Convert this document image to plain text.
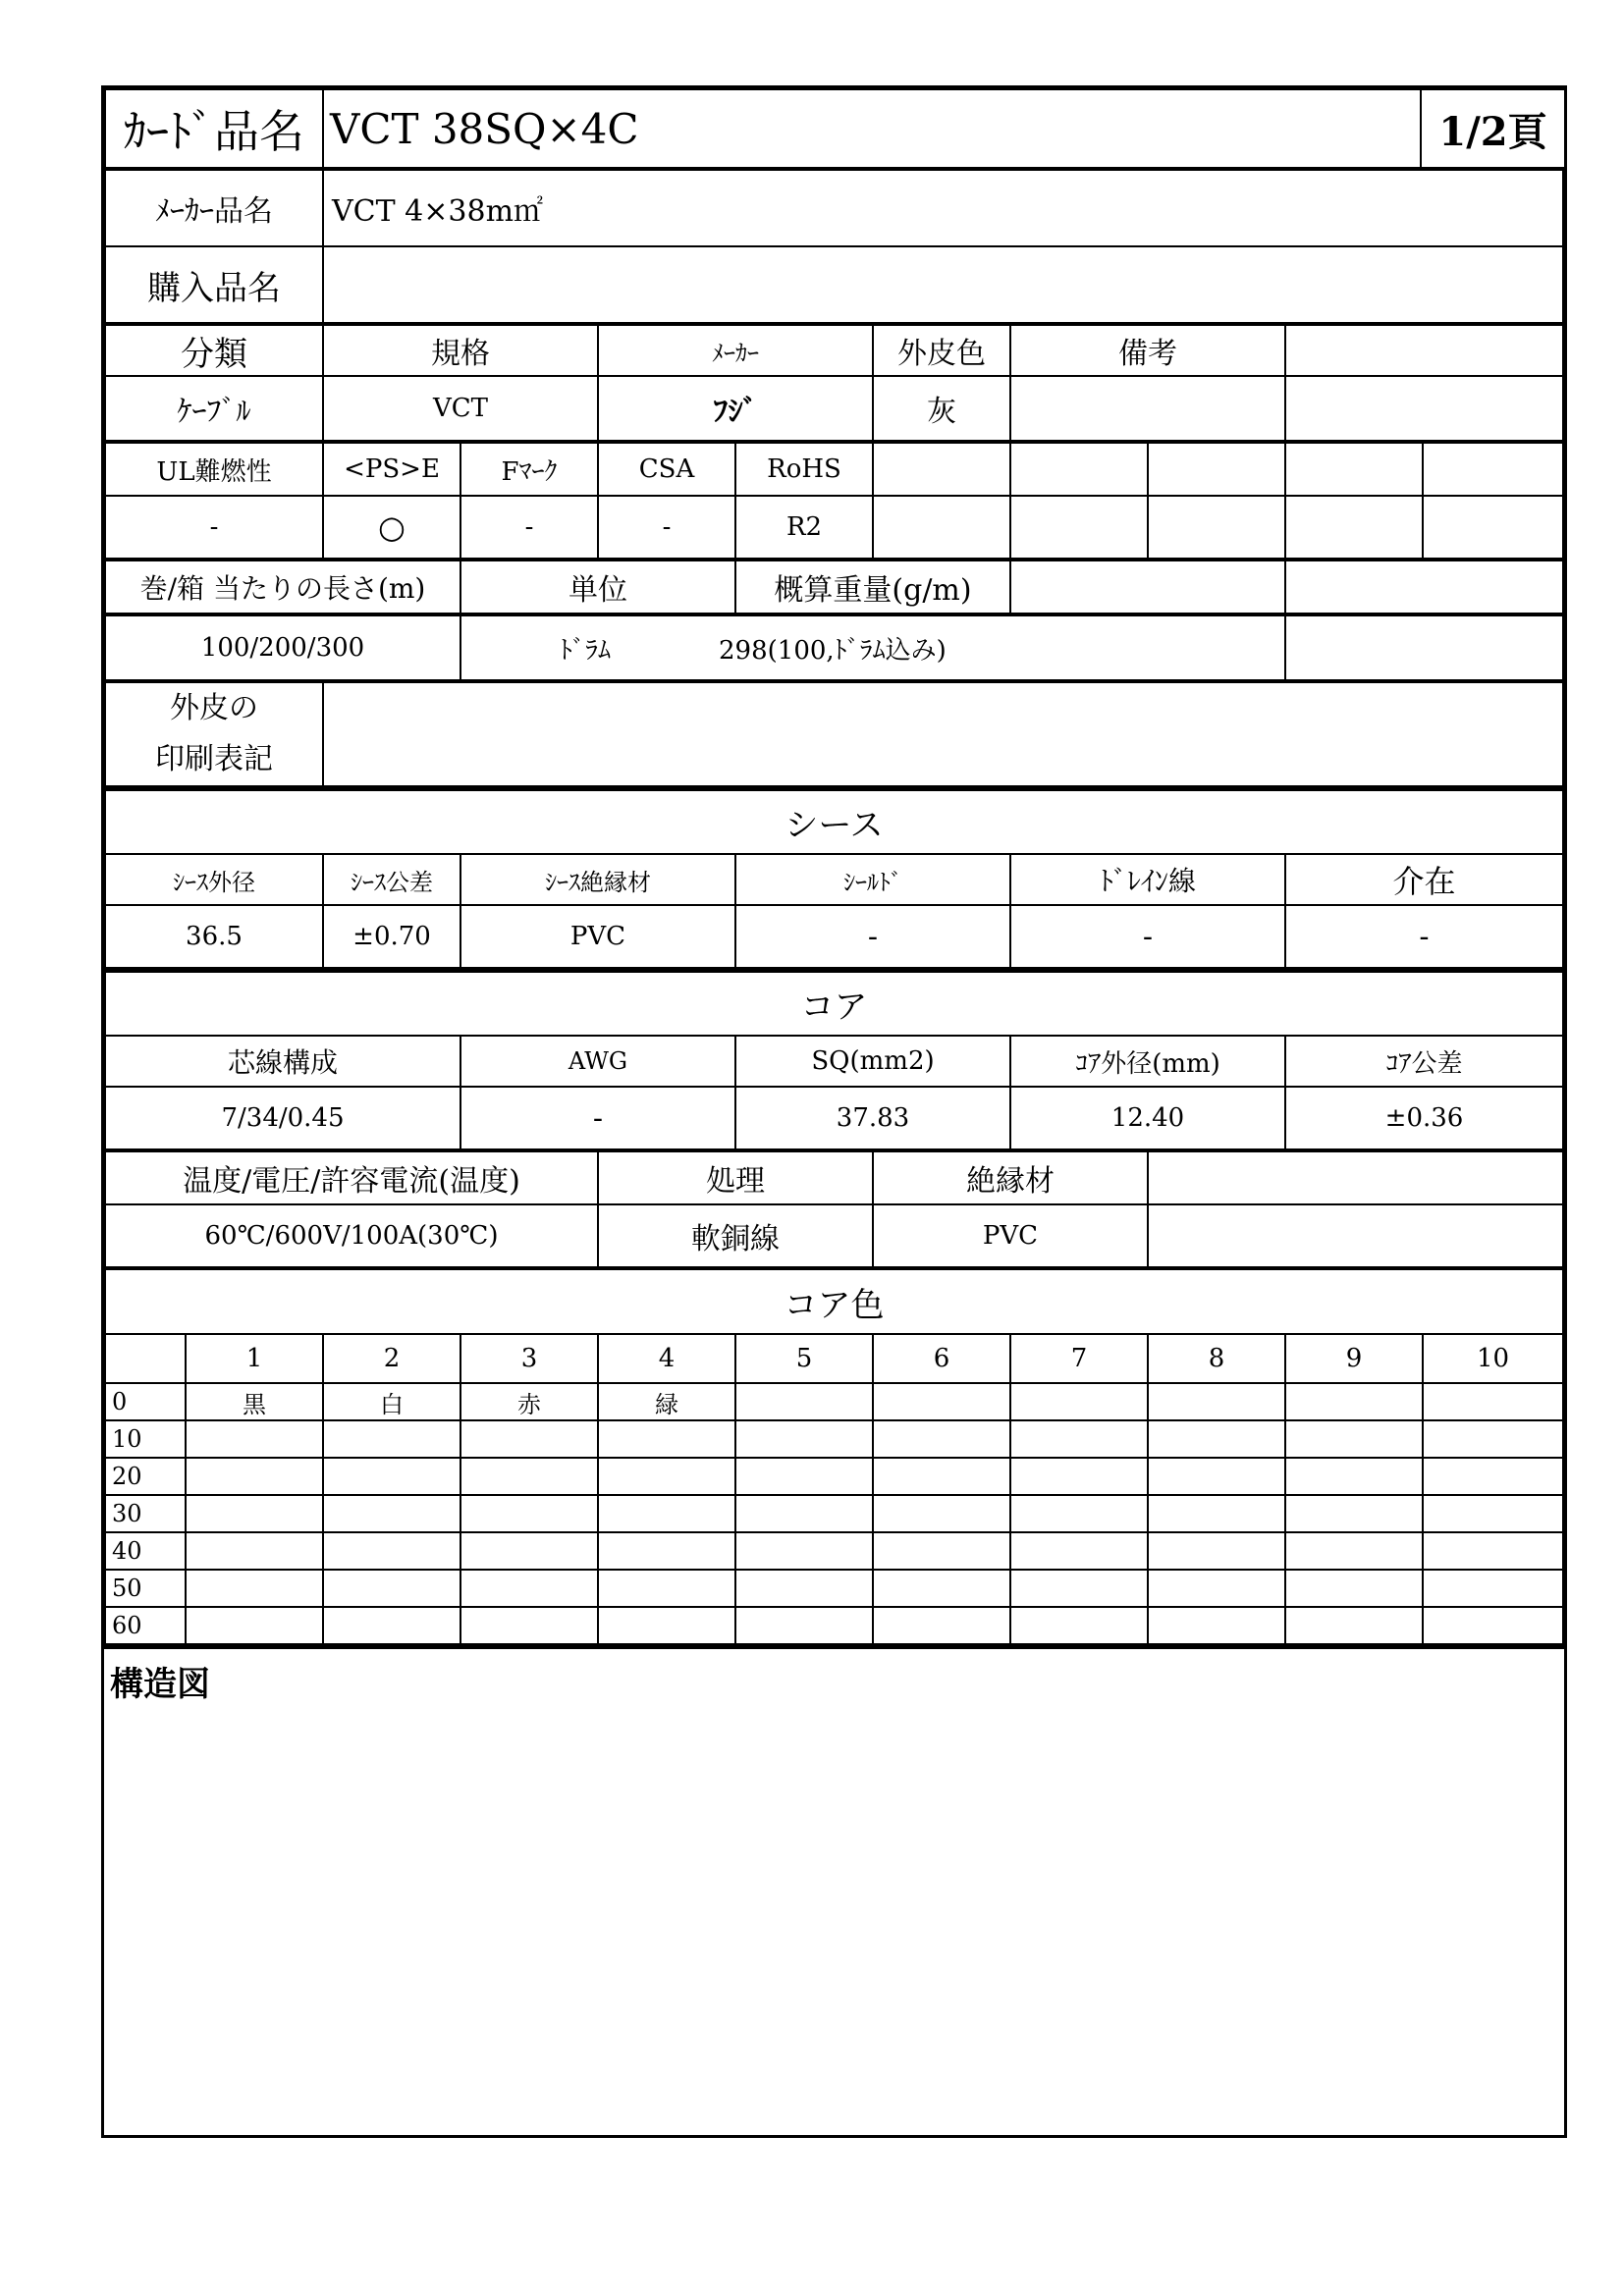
ｶｰﾄﾞ品名	VCT 38SQ×4C	1/2頁
ﾒｰｶｰ品名	VCT 4×38m㎡
購入品名	
分類	規格	ﾒｰｶｰ	外皮色	備考	
ｹｰﾌﾞﾙ	VCT	ﾌｼﾞ	灰		
UL難燃性	<PS>E	Fﾏｰｸ	CSA	RoHS					
-	○	-	-	R2					
巻/箱 当たりの長さ(m)	単位	概算重量(g/m)		
100/200/300	ﾄﾞﾗﾑ	298(100,ﾄﾞﾗﾑ込み)	
外皮の
印刷表記

シース					
ｼｰｽ外径	ｼｰｽ公差	ｼｰｽ絶縁材	ｼｰﾙﾄﾞ	ﾄﾞﾚｲﾝ線	介在
36.5	±0.70	PVC	-	-	-
コア				
芯線構成	AWG	SQ(mm2)	ｺｱ外径(mm)	ｺｱ公差
7/34/0.45	-	37.83	12.40	±0.36
温度/電圧/許容電流(温度)	処理	絶縁材	
60℃/600V/100A(30℃)	軟銅線	PVC	
コア色										
	1	2	3	4	5	6	7	8	9	10
0	黒	白	赤	緑						
10										
20										
30										
40										
50										
60										
構造図
